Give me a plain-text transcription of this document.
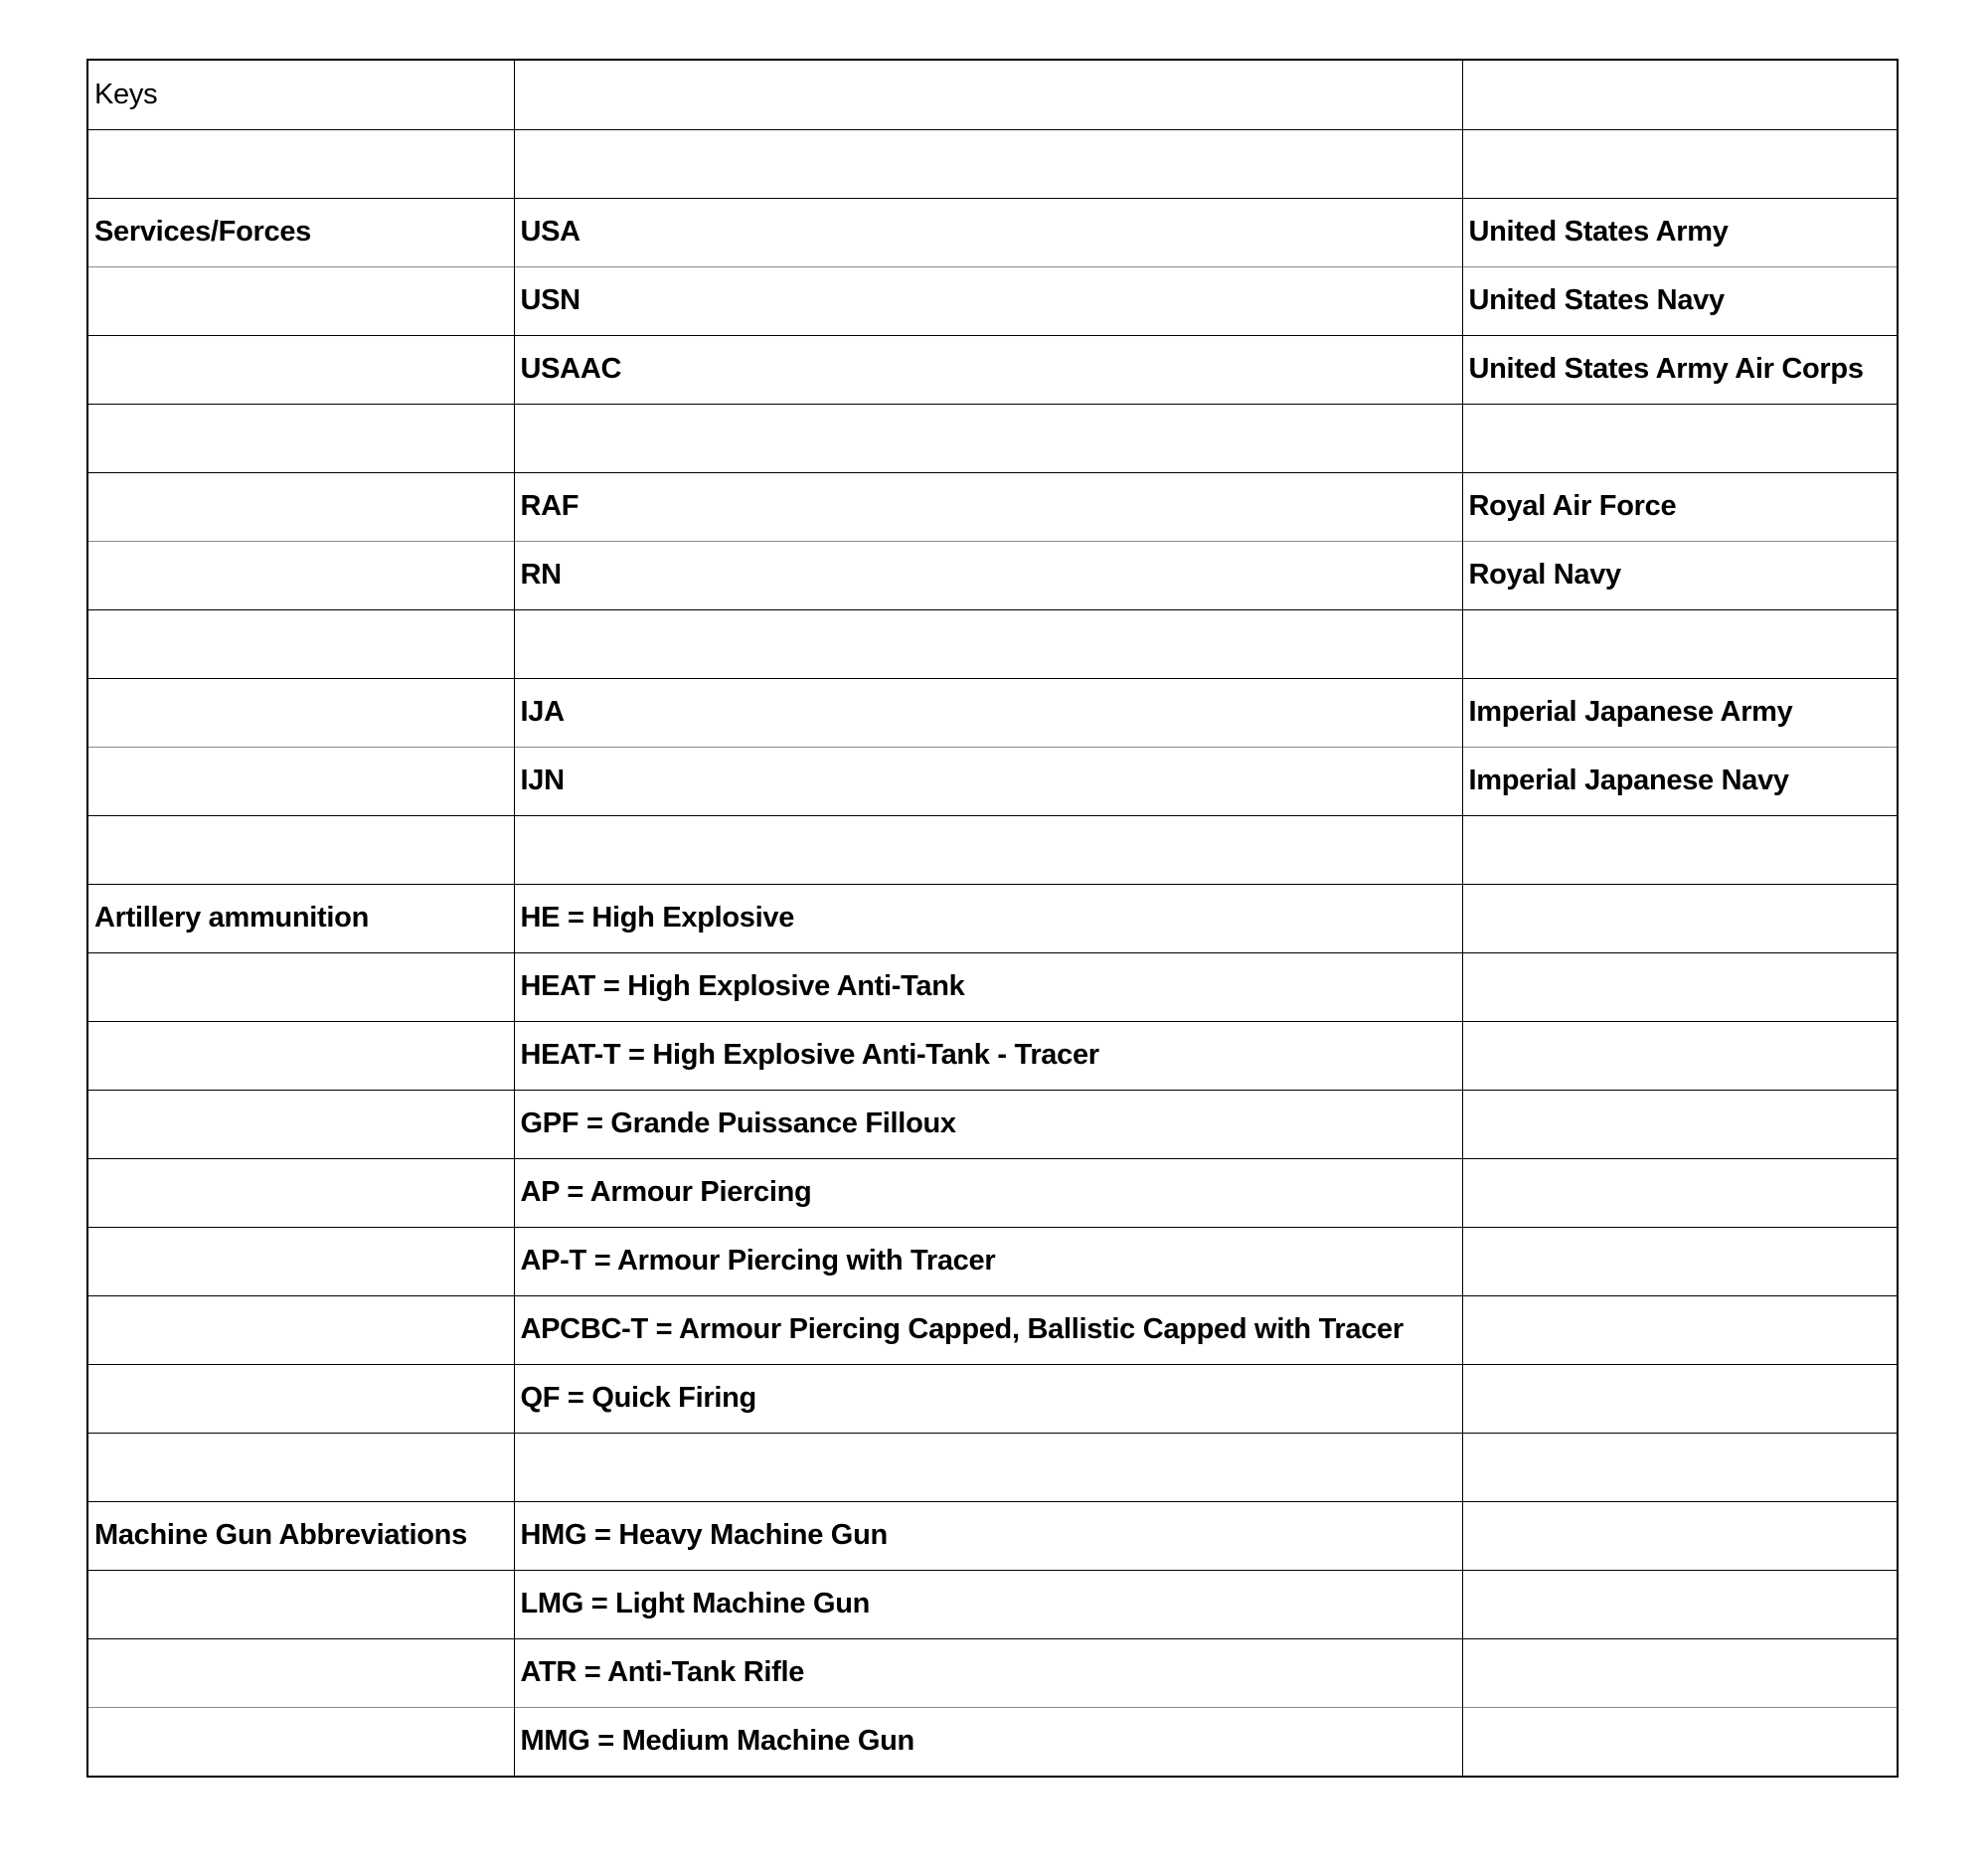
Keys		

Services/Forces	USA	United States Army
	USN	United States Navy
	USAAC	United States Army Air Corps

	RAF	Royal Air Force
	RN	Royal Navy

	IJA	Imperial Japanese Army
	IJN	Imperial Japanese Navy

Artillery ammunition	HE = High Explosive	
	HEAT = High Explosive Anti-Tank	
	HEAT-T = High Explosive Anti-Tank - Tracer	
	GPF = Grande Puissance Filloux	
	AP = Armour Piercing	
	AP-T = Armour Piercing with Tracer	
	APCBC-T = Armour Piercing Capped, Ballistic Capped with Tracer	
	QF = Quick Firing	

Machine Gun Abbreviations	HMG = Heavy Machine Gun	
	LMG = Light Machine Gun	
	ATR = Anti-Tank Rifle	
	MMG = Medium Machine Gun	
